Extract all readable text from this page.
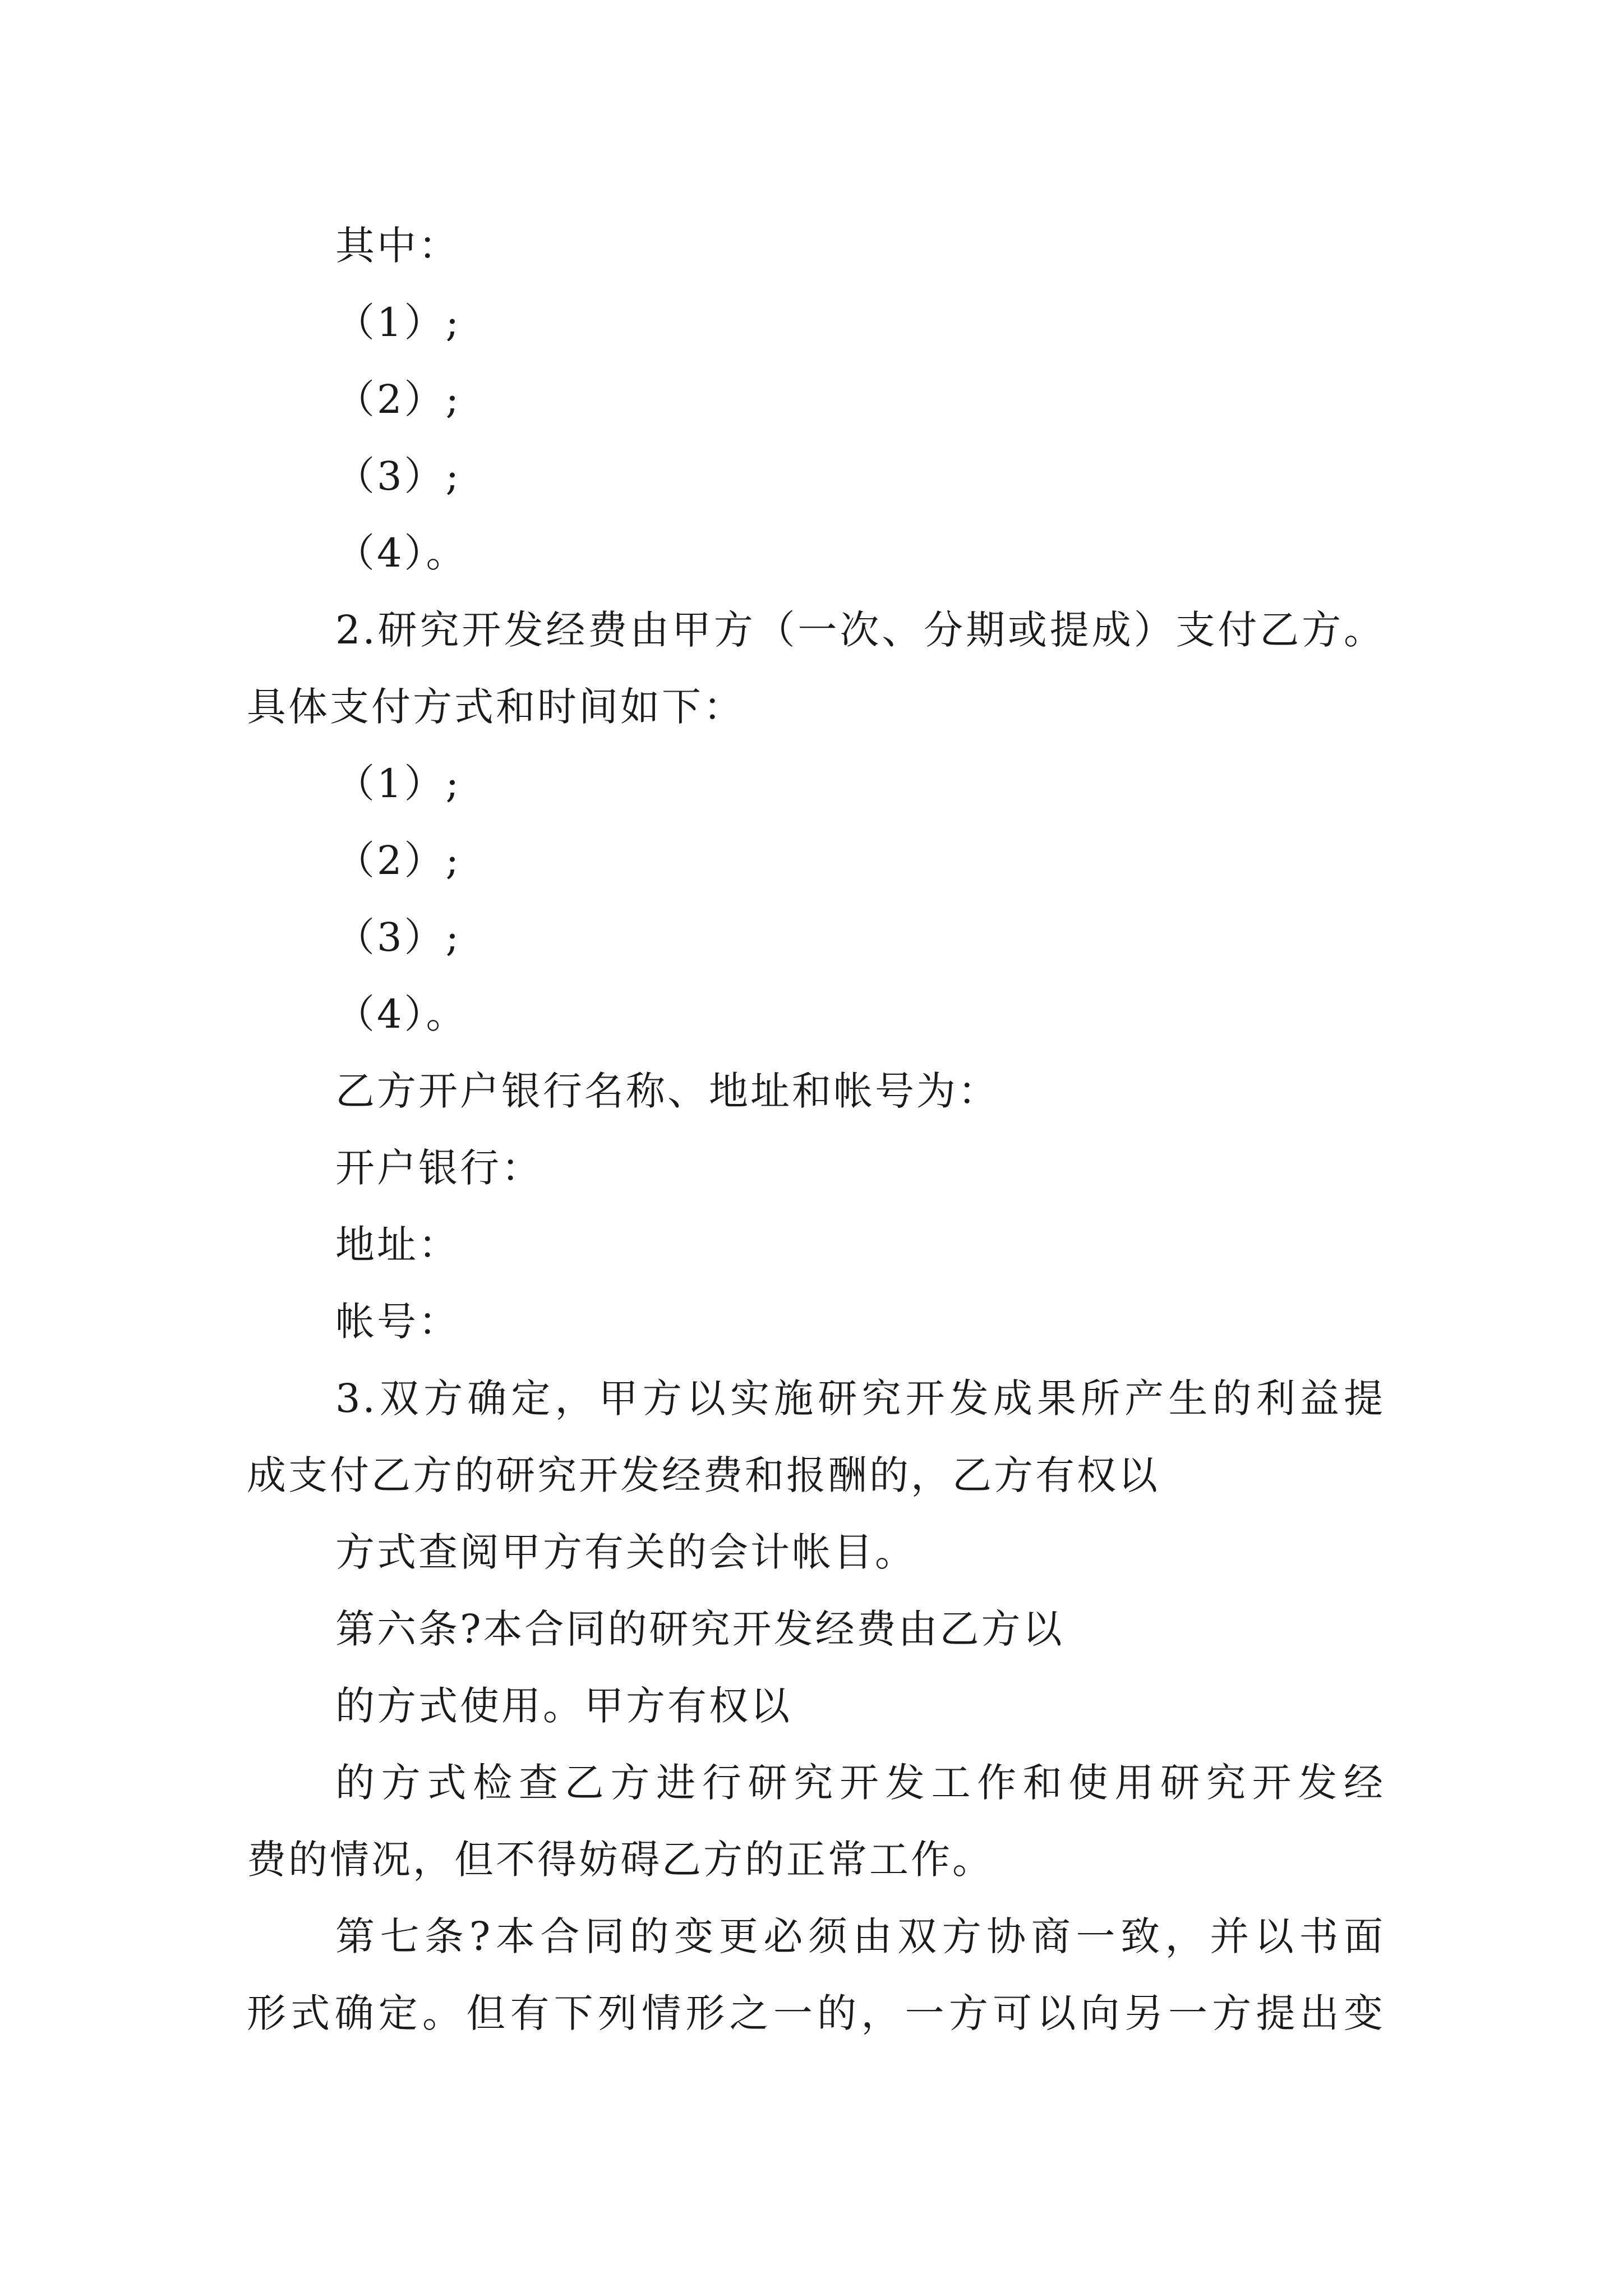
其中：
（1）;
（2）;
（3）;
（4）。
2.研究开发经费由甲方（一次、分期或提成）支付乙方。
具体支付方式和时间如下：
（1）;
（2）;
（3）;
（4）。
乙方开户银行名称、地址和帐号为：
开户银行：
地址：
帐号：
3.双方确定，甲方以实施研究开发成果所产生的利益提
成支付乙方的研究开发经费和报酬的，乙方有权以
方式查阅甲方有关的会计帐目。
第六条?本合同的研究开发经费由乙方以
的方式使用。甲方有权以
的方式检查乙方进行研究开发工作和使用研究开发经
费的情况，但不得妨碍乙方的正常工作。
第七条?本合同的变更必须由双方协商一致，并以书面
形式确定。但有下列情形之一的，一方可以向另一方提出变
